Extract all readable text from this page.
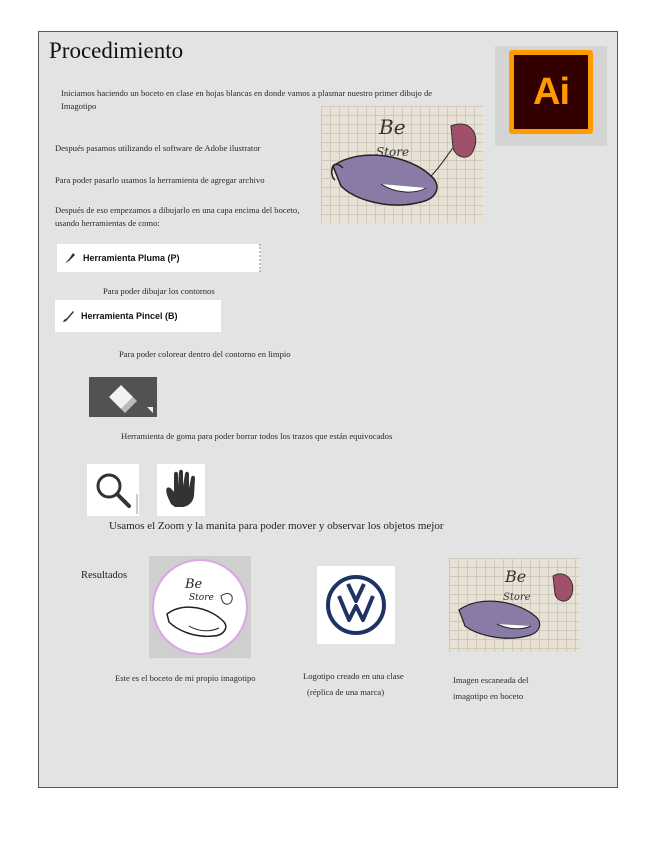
Procedimiento
Iniciamos haciendo un boceto en clase en hojas blancas en donde vamos a plasmar nuestro primer dibujo de Imagotipo
Después pasamos utilizando el software de Adobe ilustrator
Para poder pasarlo usamos la herramienta de agregar archivo
Después de eso empezamos a dibujarlo en una capa encima del boceto, usando herramientas de como:
Ai
Be
Store
Herramienta Pluma (P)
Para poder dibujar los contornos
Herramienta Pincel (B)
Para poder colorear dentro del contorno en limpio
Herramienta de goma para poder borrar todos los trazos que están equivocados
Usamos el Zoom y la manita para poder mover y observar los objetos mejor
Resultados
Be
Store
Be
Store
Este es el boceto de mi propio imagotipo	Logotipo creado en una clase
(réplica de una marca)
Imagen escaneada del
imagotipo en boceto
